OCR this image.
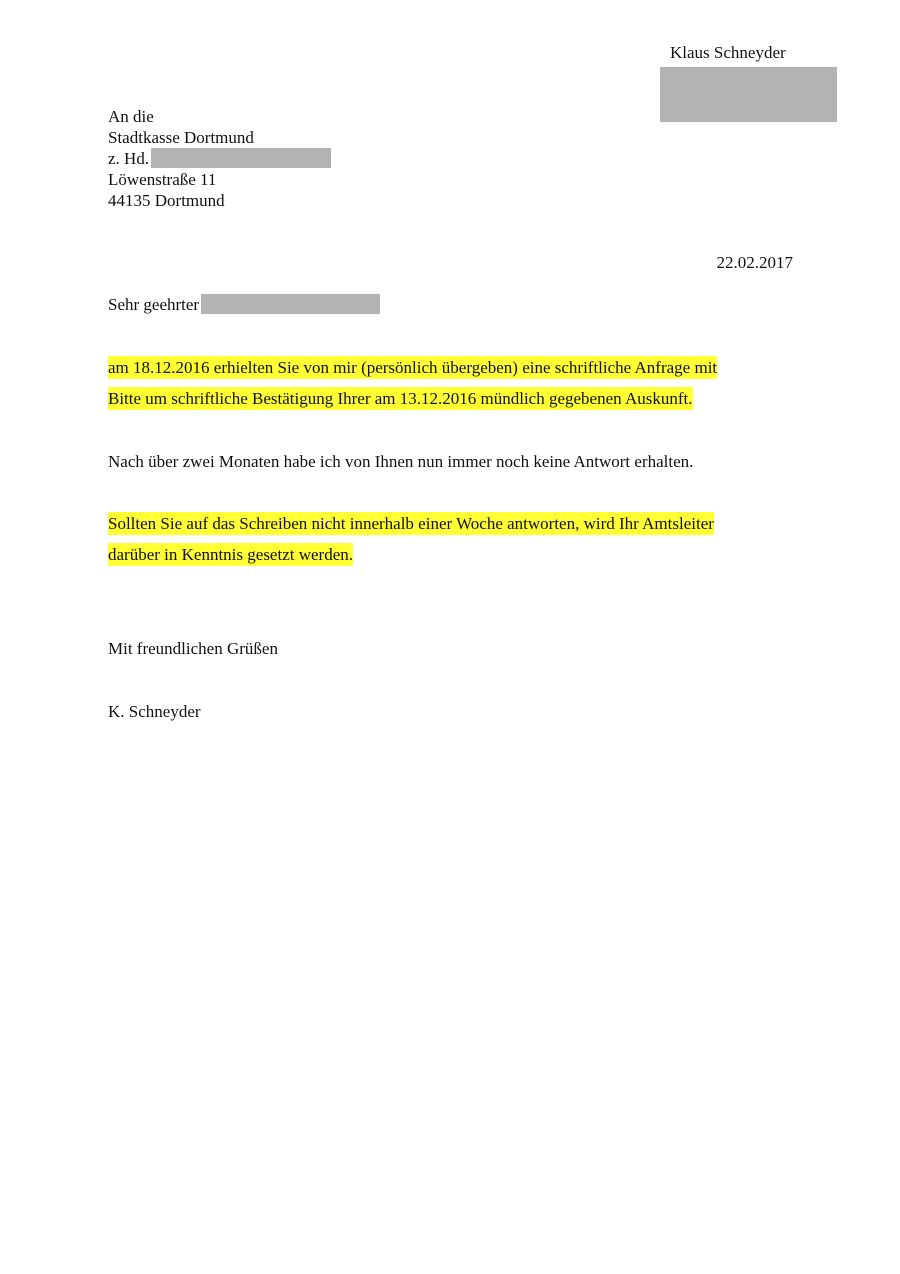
Klaus Schneyder
An die
Stadtkasse Dortmund
z. Hd.
Löwenstraße 11
44135 Dortmund
22.02.2017
Sehr geehrter
am 18.12.2016 erhielten Sie von mir (persönlich übergeben) eine schriftliche Anfrage mit
Bitte um schriftliche Bestätigung Ihrer am 13.12.2016 mündlich gegebenen Auskunft.
Nach über zwei Monaten habe ich von Ihnen nun immer noch keine Antwort erhalten.
Sollten Sie auf das Schreiben nicht innerhalb einer Woche antworten, wird Ihr Amtsleiter
darüber in Kenntnis gesetzt werden.
Mit freundlichen Grüßen
K. Schneyder
